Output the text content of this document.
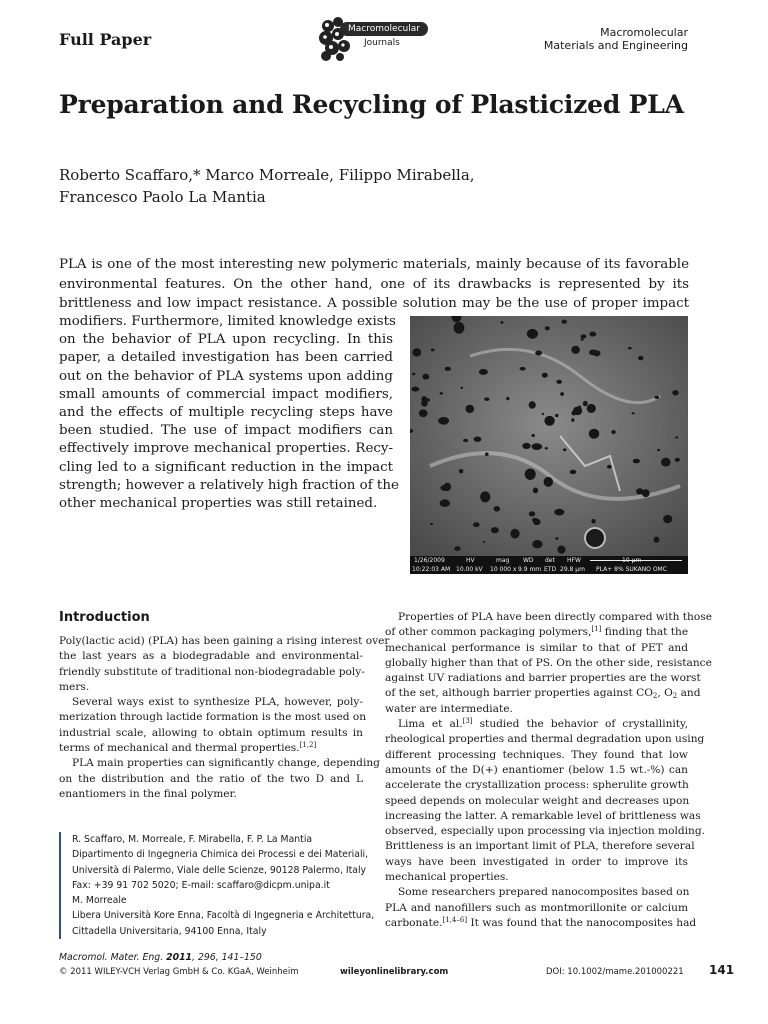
Full Paper
Macromolecular
Journals
Macromolecular
Materials and Engineering
Preparation and Recycling of Plasticized PLA
Roberto Scaffaro,* Marco Morreale, Filippo Mirabella,
Francesco Paolo La Mantia
PLA is one of the most interesting new polymeric materials, mainly because of its favorable
environmental features. On the other hand, one of its drawbacks is represented by its
brittleness and low impact resistance. A possible solution may be the use of proper impact
modifiers. Furthermore, limited knowledge exists
on the behavior of PLA upon recycling. In this
paper, a detailed investigation has been carried
out on the behavior of PLA systems upon adding
small amounts of commercial impact modifiers,
and the effects of multiple recycling steps have
been studied. The use of impact modifiers can
effectively improve mechanical properties. Recy-
cling led to a significant reduction in the impact
strength; however a relatively high fraction of the
other mechanical properties was still retained.
1/26/2009
10:22:03 AM
HV
10.00 kV
mag
10 000 x
WD
9.9 mm
det
ETD
HFW
29.8 µm
10 µm
PLA+ 8% SUKANO OMC
Introduction
Poly(lactic acid) (PLA) has been gaining a rising interest over
the last years as a biodegradable and environmental-
friendly substitute of traditional non-biodegradable poly-
mers.
Several ways exist to synthesize PLA, however, poly-
merization through lactide formation is the most used on
industrial scale, allowing to obtain optimum results in
terms of mechanical and thermal properties.[1,2]
PLA main properties can significantly change, depending
on the distribution and the ratio of the two D and L
enantiomers in the final polymer.
Properties of PLA have been directly compared with those
of other common packaging polymers,[1] finding that the
mechanical performance is similar to that of PET and
globally higher than that of PS. On the other side, resistance
against UV radiations and barrier properties are the worst
of the set, although barrier properties against $CO_2$, $O_2$ and
water are intermediate.
Lima et al.[3] studied the behavior of crystallinity,
rheological properties and thermal degradation upon using
different processing techniques. They found that low
amounts of the D(+) enantiomer (below 1.5 wt.-%) can
accelerate the crystallization process: spherulite growth
speed depends on molecular weight and decreases upon
increasing the latter. A remarkable level of brittleness was
observed, especially upon processing via injection molding.
Brittleness is an important limit of PLA, therefore several
ways have been investigated in order to improve its
mechanical properties.
Some researchers prepared nanocomposites based on
PLA and nanofillers such as montmorillonite or calcium
carbonate.[1,4–6] It was found that the nanocomposites had
R. Scaffaro, M. Morreale, F. Mirabella, F. P. La Mantia
Dipartimento di Ingegneria Chimica dei Processi e dei Materiali,
Università di Palermo, Viale delle Scienze, 90128 Palermo, Italy
Fax: +39 91 702 5020; E-mail: scaffaro@dicpm.unipa.it
M. Morreale
Libera Università Kore Enna, Facoltà di Ingegneria e Architettura,
Cittadella Universitaria, 94100 Enna, Italy
Macromol. Mater. Eng. 2011, 296, 141–150
© 2011 WILEY-VCH Verlag GmbH & Co. KGaA, Weinheim	wileyonlinelibrary.com	DOI: 10.1002/mame.201000221 141
